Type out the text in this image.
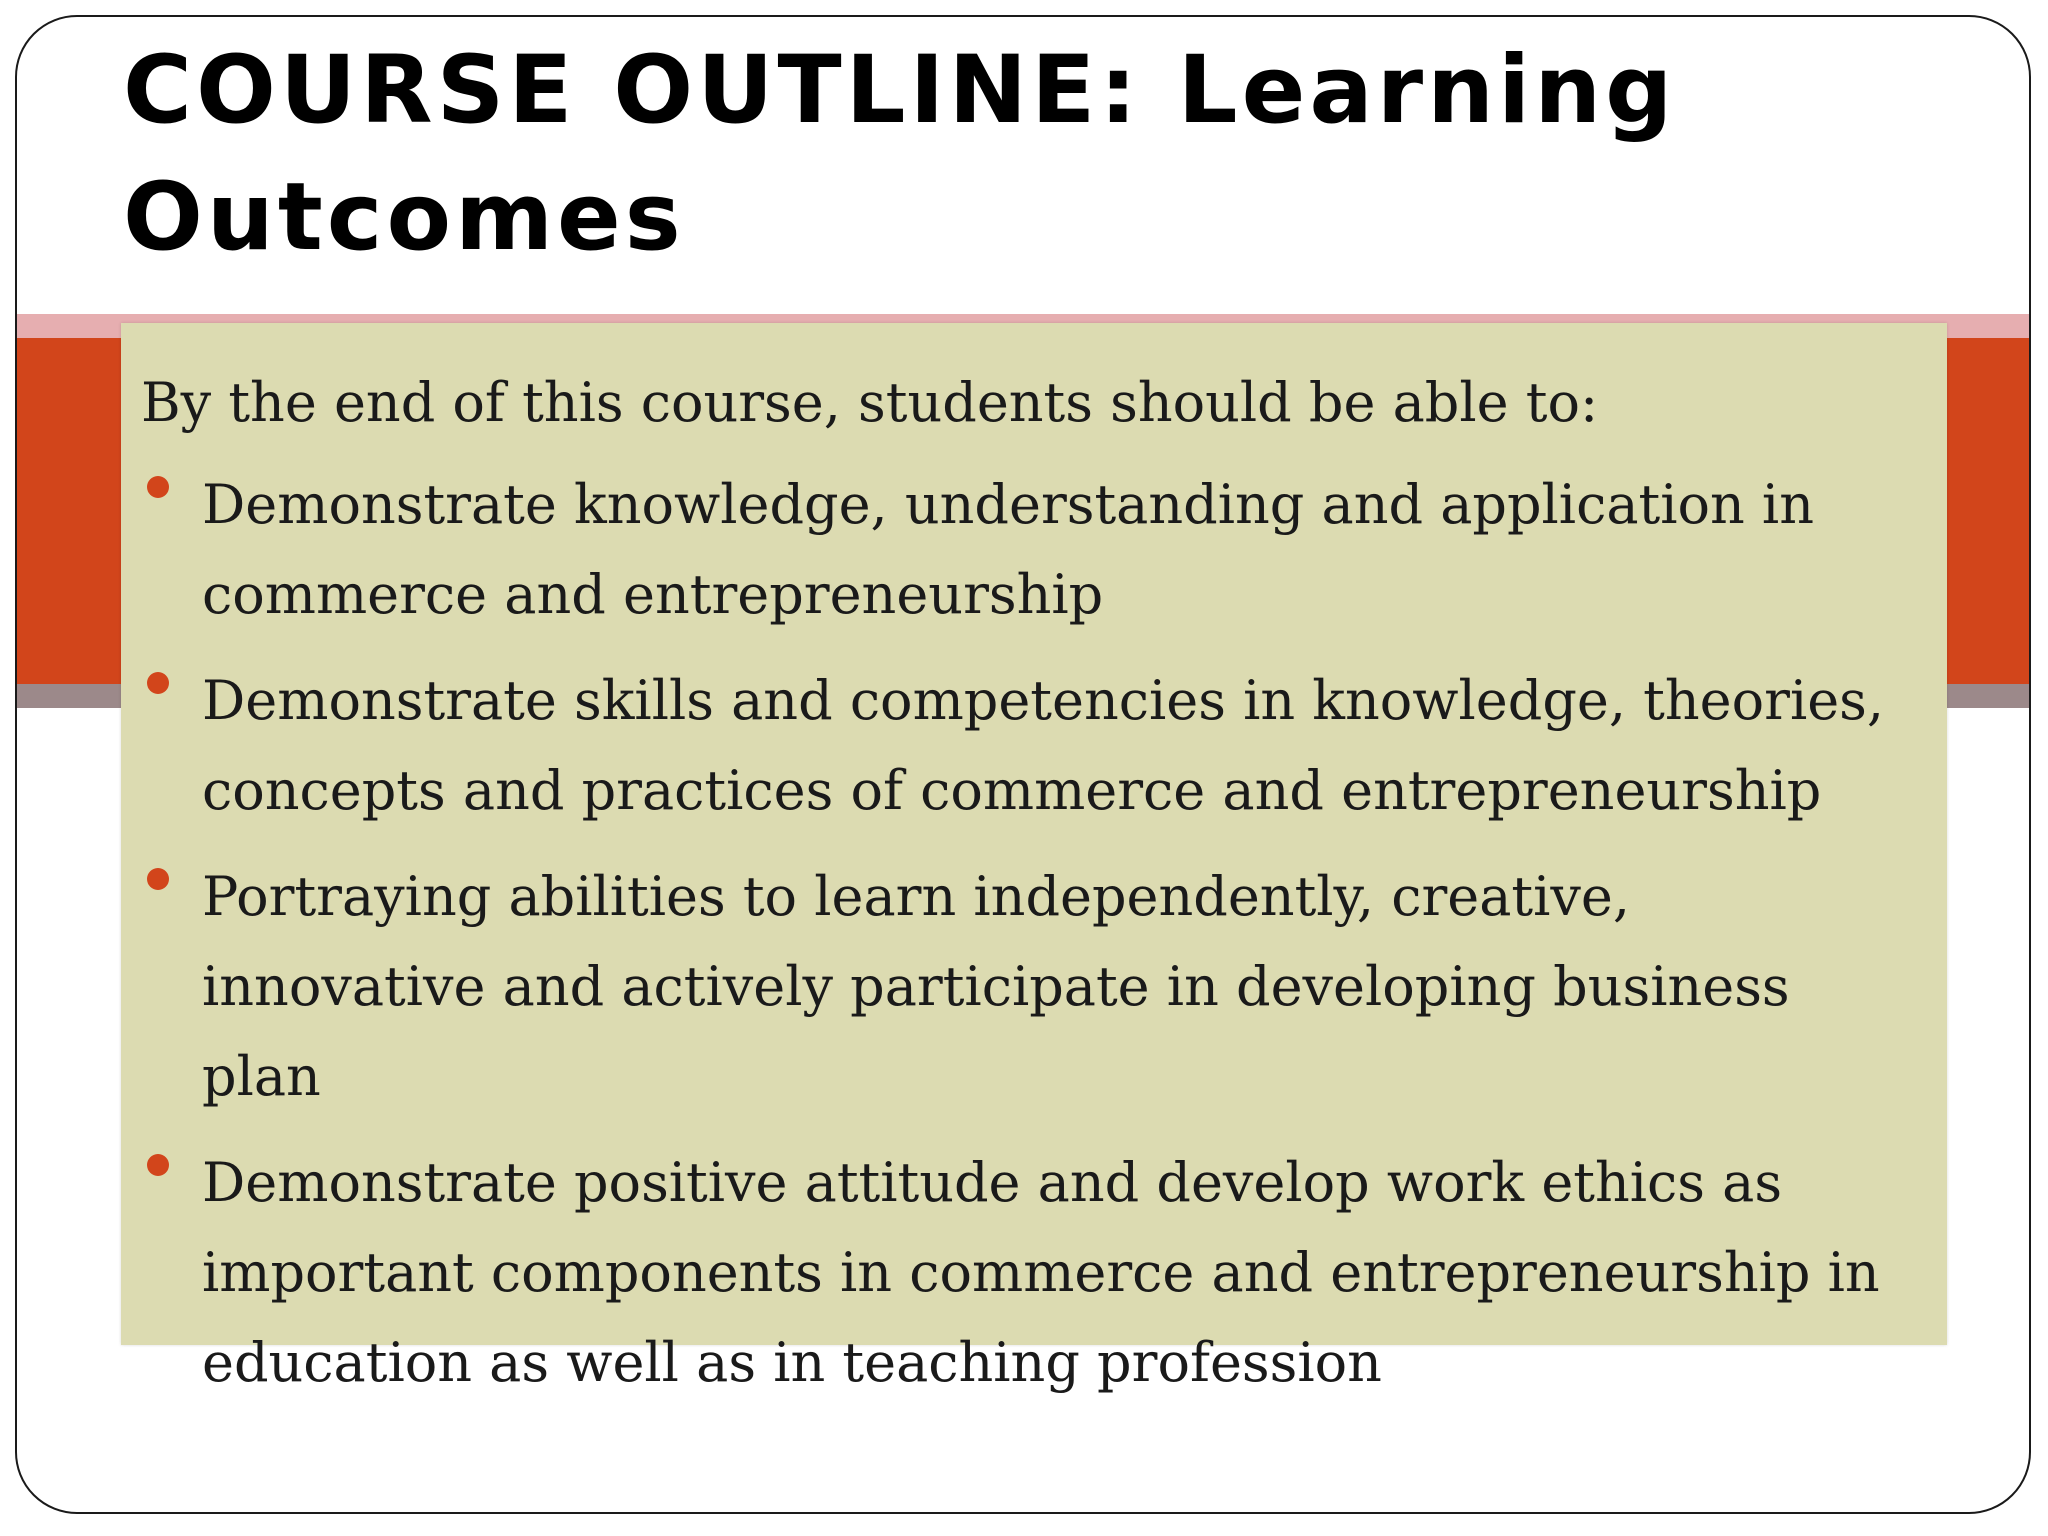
COURSE OUTLINE: Learning Outcomes

By the end of this course, students should be able to:

Demonstrate knowledge, understanding and application in commerce and entrepreneurship
Demonstrate skills and competencies in knowledge, theories, concepts and practices of commerce and entrepreneurship
Portraying abilities to learn independently, creative, innovative and actively participate in developing business plan
Demonstrate positive attitude and develop work ethics as important components in commerce and entrepreneurship in education as well as in teaching profession
